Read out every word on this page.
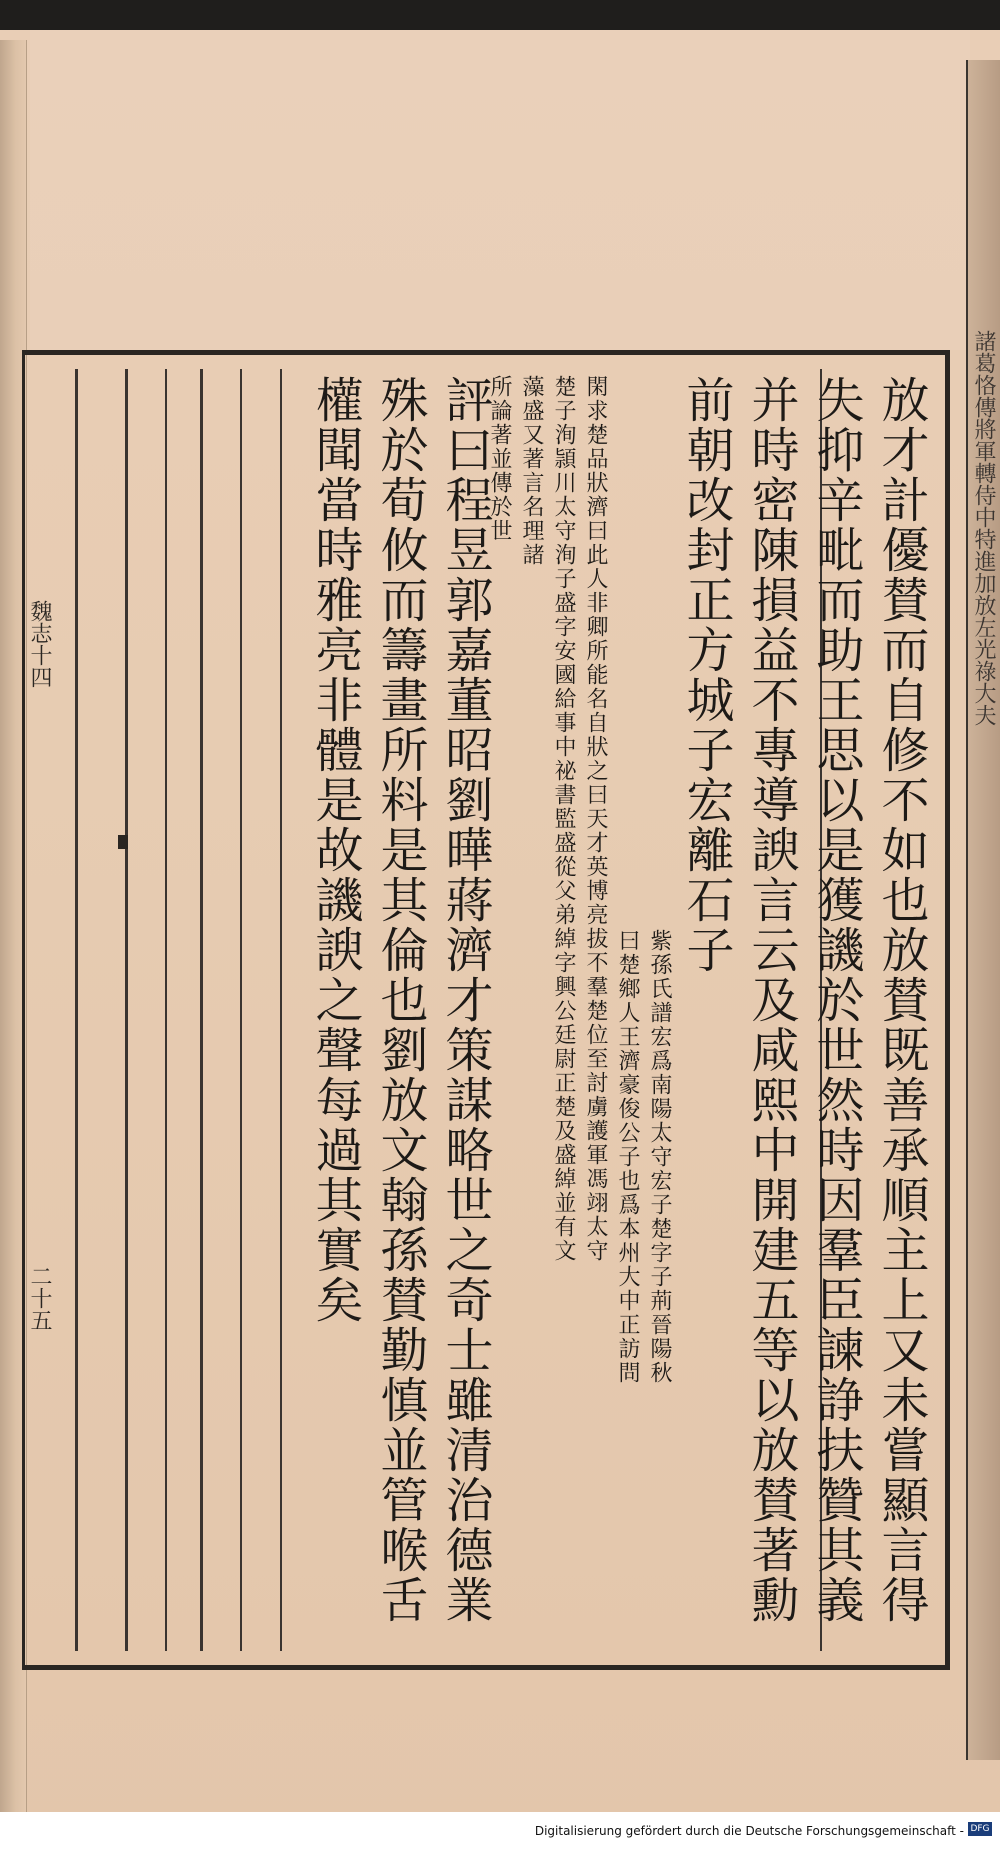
諸葛恪傳將軍轉侍中特進加放左光祿大夫
放才計優賛而自修不如也放賛既善承順主上又未嘗顯言得
失抑辛毗而助王思以是獲譏於世然時因羣臣諫諍扶贊其義
并時密陳損益不專導諛言云及咸熙中開建五等以放賛著勳
前朝改封正方城子宏離石子
紫孫氏譜宏爲南陽太守宏子楚字子荊晉陽秋
曰楚鄉人王濟豪俊公子也爲本州大中正訪問
閑求楚品狀濟曰此人非卿所能名自狀之曰天才英博亮拔不羣楚位至討虜護軍馮翊太守
楚子洵頴川太守洵子盛字安國給事中祕書監盛從父弟綽字興公廷尉正楚及盛綽並有文
藻盛又著言名理諸
所論著並傳於世
評曰程昱郭嘉董昭劉曄蔣濟才策謀略世之奇士雖清治德業
殊於荀攸而籌畫所料是其倫也劉放文翰孫賛勤慎並管喉舌
權聞當時雅亮非體是故譏諛之聲每過其實矣
魏志十四
二十五
Digitalisierung gefördert durch die Deutsche Forschungsgemeinschaft - DFG
